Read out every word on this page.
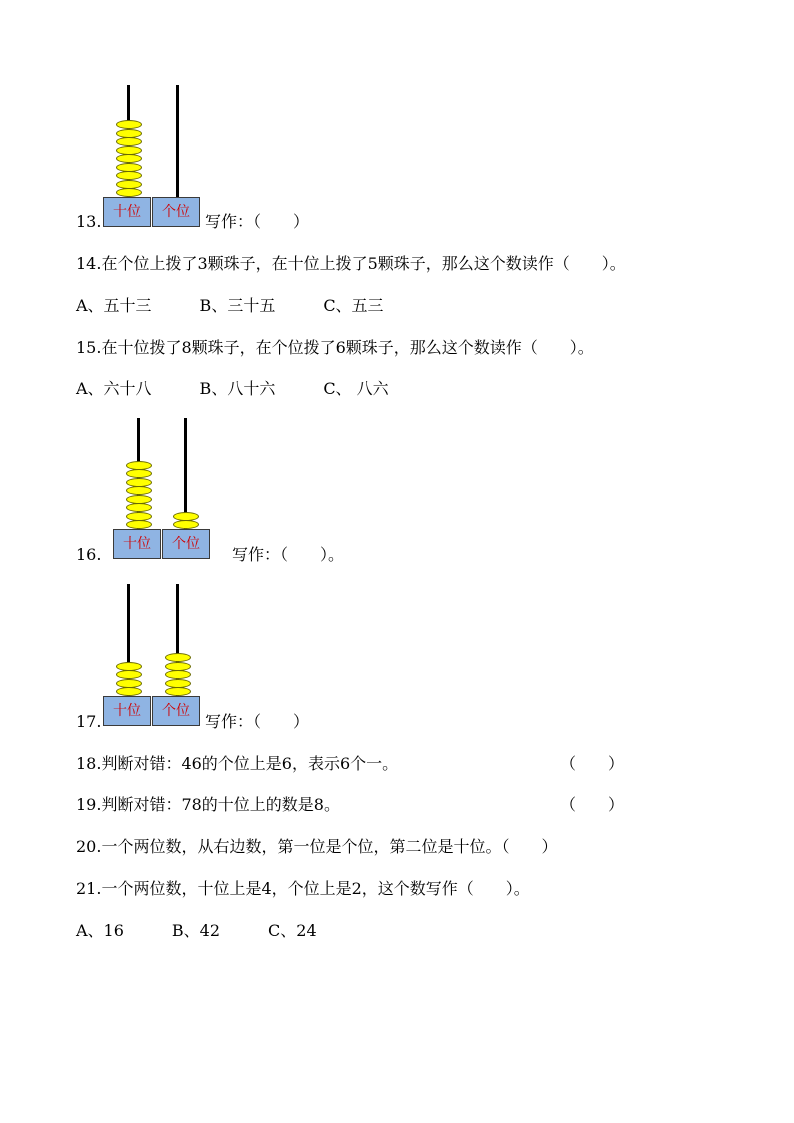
十位	个位
13.	写作：（　　）
14.在个位上拨了3颗珠子，在十位上拨了5颗珠子，那么这个数读作（　　）。
A、五十三　　　B、三十五　　　C、五三
15.在十位拨了8颗珠子，在个位拨了6颗珠子，那么这个数读作（　　）。
A、六十八　　　B、八十六　　　C、 八六
十位	个位
16.	写作：（　　）。
十位	个位
17.	写作：（　　）
18.判断对错：46的个位上是6，表示6个一。	（　　）
19.判断对错：78的十位上的数是8。	（　　）
20.一个两位数，从右边数，第一位是个位，第二位是十位。（　　）
21.一个两位数，十位上是4，个位上是2，这个数写作（　　）。
A、16　　　B、42　　　C、24
